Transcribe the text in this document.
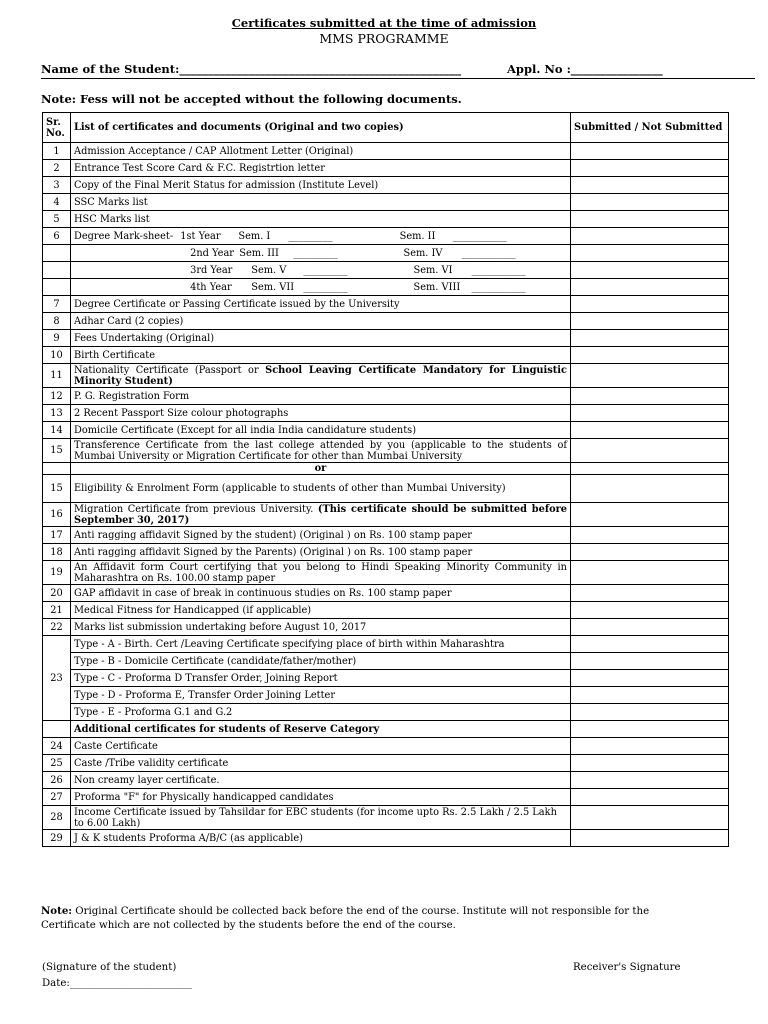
Certificates submitted at the time of admission
MMS PROGRAMME
Name of the Student:_________________________________________________	Appl. No :________________
Note: Fess will not be accepted without the following documents.
Sr. No.	List of certificates and documents (Original and two copies)	Submitted / Not Submitted
1	Admission Acceptance / CAP Allotment Letter (Original)	
2	Entrance Test Score Card & F.C. Registrtion letter	
3	Copy of the Final Merit Status for admission (Institute Level)	
4	SSC Marks list	
5	HSC Marks list	
6	Degree Mark-sheet- 1st Year Sem. I _________ Sem. II ___________	
	2nd Year Sem. III _________ Sem. IV ___________	
	3rd Year Sem. V _________ Sem. VI ___________	
	4th Year Sem. VII _________ Sem. VIII ___________	
7	Degree Certificate or Passing Certificate issued by the University	
8	Adhar Card (2 copies)	
9	Fees Undertaking (Original)	
10	Birth Certificate	
11	Nationality Certificate (Passport or School Leaving Certificate Mandatory for Linguistic Minority Student)	
12	P. G. Registration Form	
13	2 Recent Passport Size colour photographs	
14	Domicile Certificate (Except for all india India candidature students)	
15	Transference Certificate from the last college attended by you (applicable to the students of Mumbai University or Migration Certificate for other than Mumbai University	
	or	
15	Eligibility & Enrolment Form (applicable to students of other than Mumbai University)	
16	Migration Certificate from previous University. (This certificate should be submitted before September 30, 2017)	
17	Anti ragging affidavit Signed by the student) (Original ) on Rs. 100 stamp paper	
18	Anti ragging affidavit Signed by the Parents) (Original ) on Rs. 100 stamp paper	
19	An Affidavit form Court certifying that you belong to Hindi Speaking Minority Community in Maharashtra on Rs. 100.00 stamp paper	
20	GAP affidavit in case of break in continuous studies on Rs. 100 stamp paper	
21	Medical Fitness for Handicapped (if applicable)	
22	Marks list submission undertaking before August 10, 2017	
23	Type - A - Birth. Cert /Leaving Certificate specifying place of birth within Maharashtra	
	Type - B - Domicile Certificate (candidate/father/mother)	
	Type - C - Proforma D Transfer Order, Joining Report	
	Type - D - Proforma E, Transfer Order Joining Letter	
	Type - E - Proforma G.1 and G.2	
	Additional certificates for students of Reserve Category	
24	Caste Certificate	
25	Caste /Tribe validity certificate	
26	Non creamy layer certificate.	
27	Proforma "F" for Physically handicapped candidates	
28	Income Certificate issued by Tahsildar for EBC students (for income upto Rs. 2.5 Lakh / 2.5 Lakh to 6.00 Lakh)	
29	J & K students Proforma A/B/C (as applicable)	
Note: Original Certificate should be collected back before the end of the course. Institute will not responsible for the Certificate which are not collected by the students before the end of the course.
(Signature of the student)	Receiver's Signature
Date:________________________
